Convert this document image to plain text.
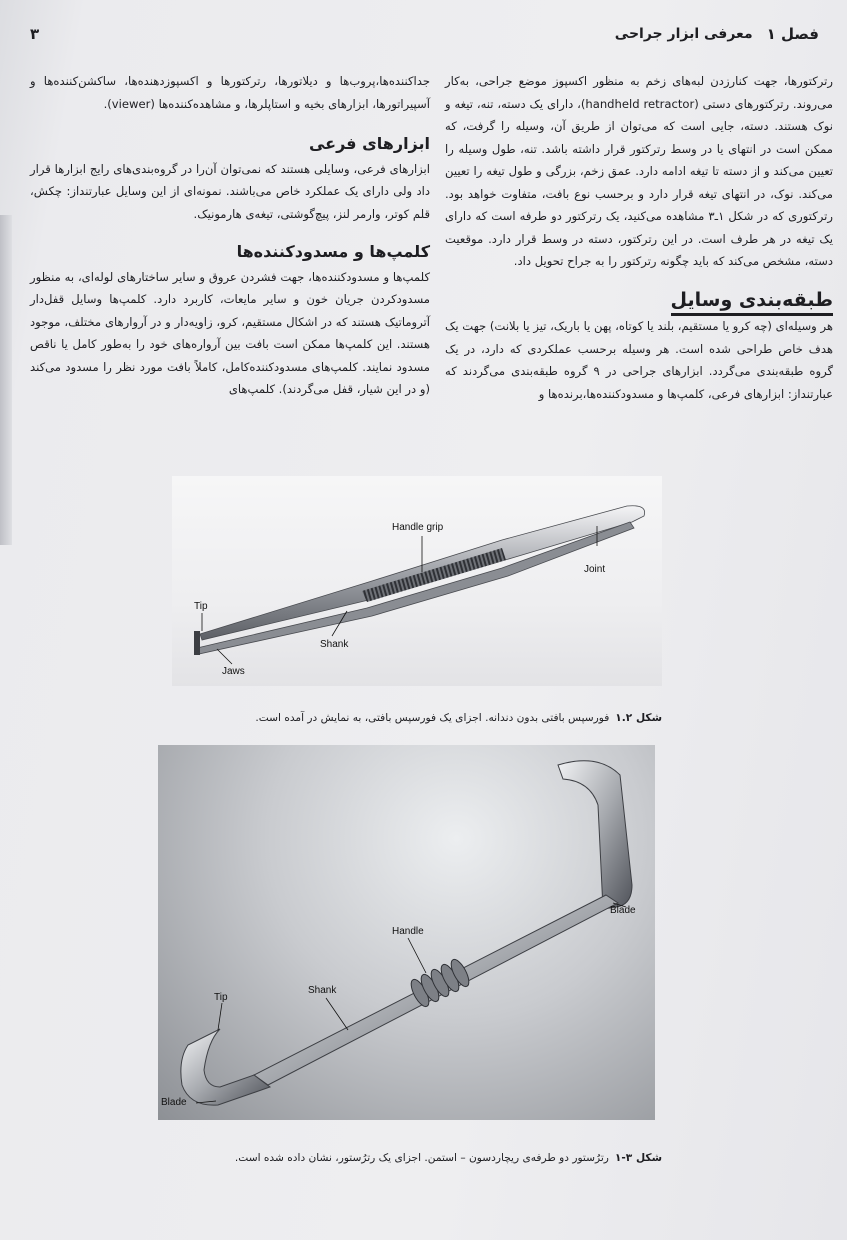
فصل ۱
معرفی ابزار جراحی
۳

رترکتورها، جهت کنارزدن لبه‌های زخم به منظور اکسپوز موضع جراحی، به‌کار می‌روند. رترکتورهای دستی (handheld retractor)، دارای یک دسته، تنه، تیغه و نوک هستند. دسته، جایی است که می‌توان از طریق آن، وسیله را گرفت، که ممکن است در انتهای یا در وسط رترکتور قرار داشته باشد. تنه، طول وسیله را تعیین می‌کند و از دسته تا تیغه ادامه دارد. عمق زخم، بزرگی و طول تیغه را تعیین می‌کند. نوک، در انتهای تیغه قرار دارد و برحسب نوع بافت، متفاوت خواهد بود. رترکتوری که در شکل ۱ـ۳ مشاهده می‌کنید، یک رترکتور دو طرفه است که دارای یک تیغه در هر طرف است. در این رترکتور، دسته در وسط قرار دارد. موقعیت دسته، مشخص می‌کند که باید چگونه رترکتور را به جراح تحویل داد.

طبقه‌بندی وسایل

هر وسیله‌ای (چه کرو یا مستقیم، بلند یا کوتاه، پهن یا باریک، تیز یا بلانت) جهت یک هدف خاص طراحی شده است. هر وسیله برحسب عملکردی که دارد، در یک گروه طبقه‌بندی می‌گردد. ابزارهای جراحی در ۹ گروه طبقه‌بندی می‌گردند که عبارتنداز: ابزارهای فرعی، کلمپ‌ها و مسدودکننده‌ها،برنده‌ها و

جداکننده‌ها،پروب‌ها و دیلاتورها، رترکتورها و اکسپوزدهنده‌ها، ساکشن‌کننده‌ها و آسپیراتورها، ابزارهای بخیه و استاپلرها، و مشاهده‌کننده‌ها (viewer).

ابزارهای فرعی

ابزارهای فرعی، وسایلی هستند که نمی‌توان آن‌را در گروه‌بندی‌های رایج ابزارها قرار داد ولی دارای یک عملکرد خاص می‌باشند. نمونه‌ای از این وسایل عبارتنداز: چکش، قلم کوتر، وارمر لنز، پیچ‌گوشتی، تیغه‌ی هارمونیک.

کلمپ‌ها و مسدودکننده‌ها

کلمپ‌ها و مسدودکننده‌ها، جهت فشردن عروق و سایر ساختارهای لوله‌ای، به منظور مسدودکردن جریان خون و سایر مایعات، کاربرد دارد. کلمپ‌ها وسایل قفل‌دار آتروماتیک هستند که در اشکال مستقیم، کرو، زاویه‌دار و در آروارهای مختلف، موجود هستند. این کلمپ‌ها ممکن است بافت بین آرواره‌های خود را به‌طور کامل یا ناقص مسدود نمایند. کلمپ‌های مسدودکننده‌کامل، کاملاً بافت مورد نظر را مسدود می‌کند (و در این شیار، قفل می‌گردند). کلمپ‌های

Handle grip
Joint
Tip
Shank
Jaws
شکل ۱.۲فورسپس بافتی بدون دندانه. اجزای یک فورسپس بافتی، به نمایش در آمده است.
Blade
Handle
Shank
Tip
Blade
شکل ۳-۱رترُستور دو طرفه‌ی ریچاردسون – استمن. اجزای یک رترُستور، نشان داده شده است.
